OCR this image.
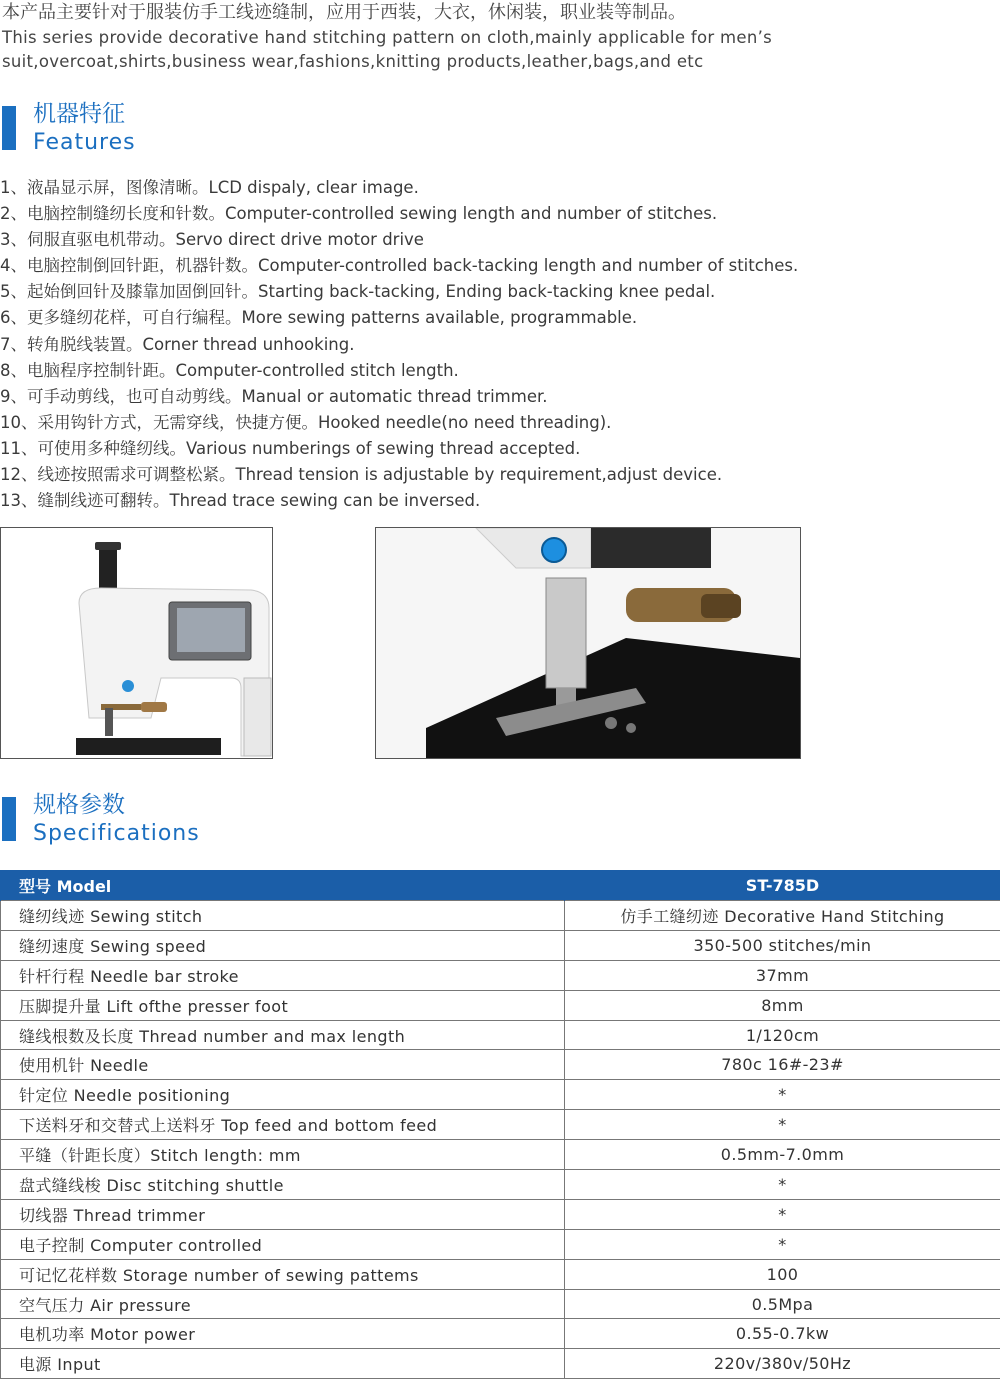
本产品主要针对于服装仿手工线迹缝制，应用于西装，大衣，休闲装，职业装等制品。

This series provide decorative hand stitching pattern on cloth,mainly applicable for men’s suit,overcoat,shirts,business wear,fashions,knitting products,leather,bags,and etc

机器特征
Features
1、液晶显示屏，图像清晰。LCD dispaly, clear image.
2、电脑控制缝纫长度和针数。Computer-controlled sewing length and number of stitches.
3、伺服直驱电机带动。Servo direct drive motor drive
4、电脑控制倒回针距，机器针数。Computer-controlled back-tacking length and number of stitches.
5、起始倒回针及膝靠加固倒回针。Starting back-tacking, Ending back-tacking knee pedal.
6、更多缝纫花样，可自行编程。More sewing patterns available, programmable.
7、转角脱线装置。Corner thread unhooking.
8、电脑程序控制针距。Computer-controlled stitch length.
9、可手动剪线，也可自动剪线。Manual or automatic thread trimmer.
10、采用钩针方式，无需穿线，快捷方便。Hooked needle(no need threading).
11、可使用多种缝纫线。Various numberings of sewing thread accepted.
12、线迹按照需求可调整松紧。Thread tension is adjustable by requirement,adjust device.
13、缝制线迹可翻转。Thread trace sewing can be inversed.
规格参数
Specifications
型号 Model	ST-785D
缝纫线迹 Sewing stitch	仿手工缝纫迹 Decorative Hand Stitching
缝纫速度 Sewing speed	350-500 stitches/min
针杆行程 Needle bar stroke	37mm
压脚提升量 Lift ofthe presser foot	8mm
缝线根数及长度 Thread number and max length	1/120cm
使用机针 Needle	780c 16#-23#
针定位 Needle positioning	*
下送料牙和交替式上送料牙 Top feed and bottom feed	*
平缝（针距长度）Stitch length: mm	0.5mm-7.0mm
盘式缝线梭 Disc stitching shuttle	*
切线器 Thread trimmer	*
电子控制 Computer controlled	*
可记忆花样数 Storage number of sewing pattems	100
空气压力 Air pressure	0.5Mpa
电机功率 Motor power	0.55-0.7kw
电源 Input	220v/380v/50Hz
